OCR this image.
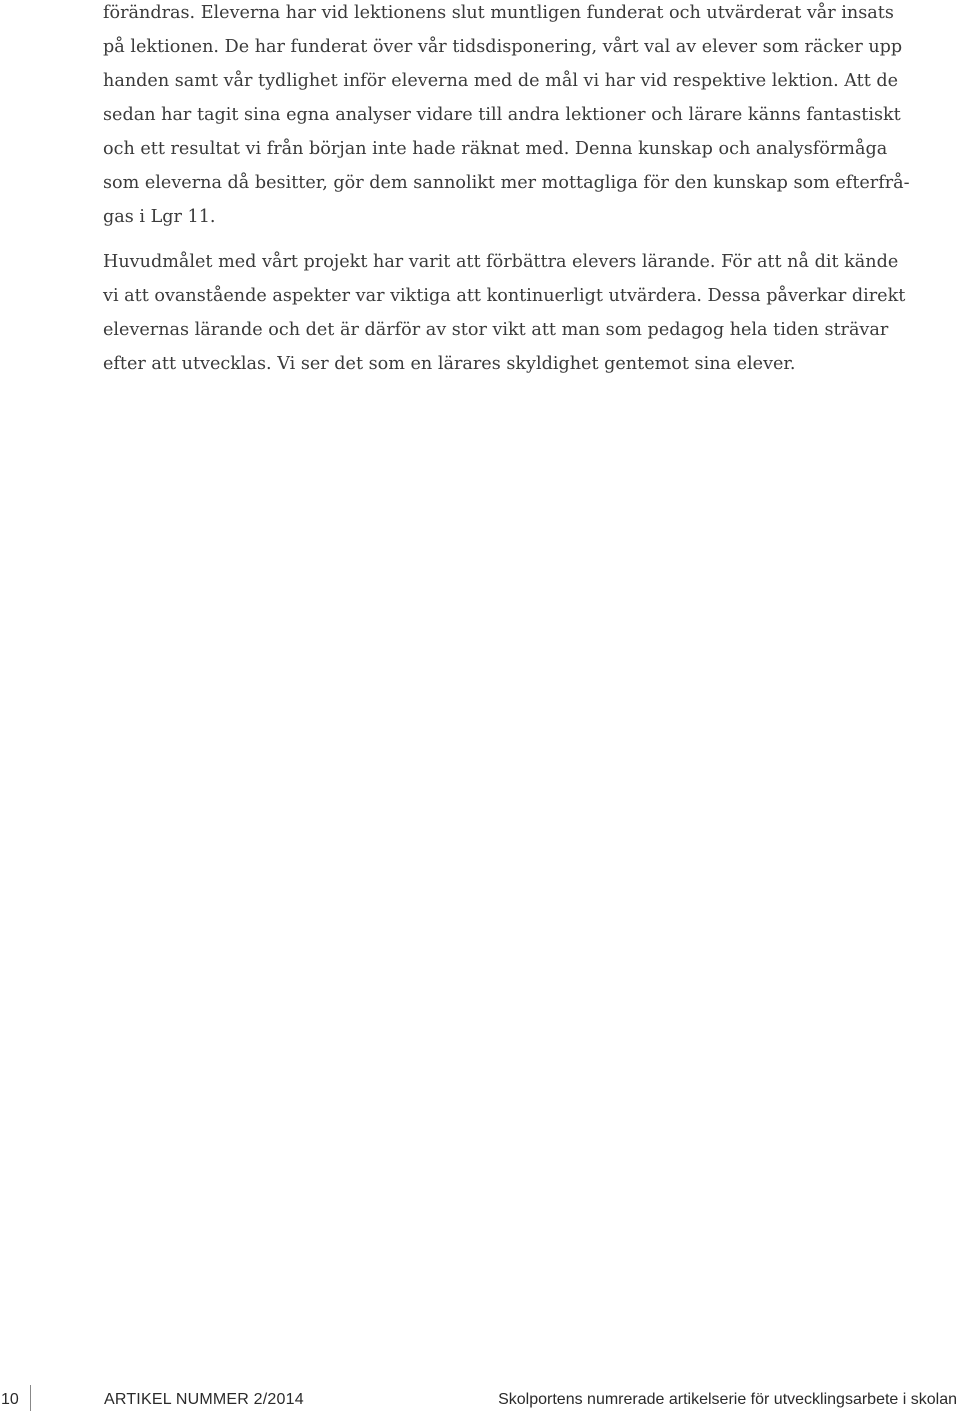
förändras. Eleverna har vid lektionens slut muntligen funderat och utvärderat vår insats
på lektionen. De har funderat över vår tidsdisponering, vårt val av elever som räcker upp
handen samt vår tydlighet inför eleverna med de mål vi har vid respektive lektion. Att de
sedan har tagit sina egna analyser vidare till andra lektioner och lärare känns fantastiskt
och ett resultat vi från början inte hade räknat med. Denna kunskap och analysförmåga
som eleverna då besitter, gör dem sannolikt mer mottagliga för den kunskap som efterfrå-
gas i Lgr 11.
Huvudmålet med vårt projekt har varit att förbättra elevers lärande. För att nå dit kände
vi att ovanstående aspekter var viktiga att kontinuerligt utvärdera. Dessa påverkar direkt
elevernas lärande och det är därför av stor vikt att man som pedagog hela tiden strävar
efter att utvecklas. Vi ser det som en lärares skyldighet gentemot sina elever.
10	ARTIKEL NUMMER 2/2014	Skolportens numrerade artikelserie för utvecklingsarbete i skolan
